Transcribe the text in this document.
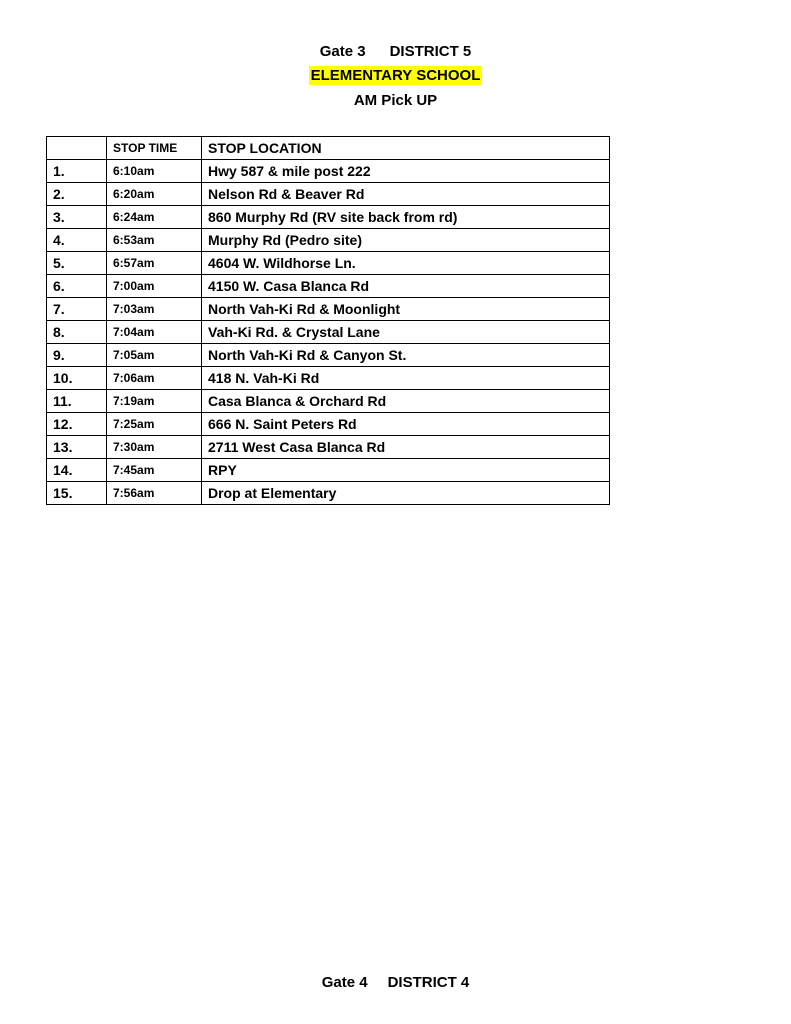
Gate 3 DISTRICT 5
ELEMENTARY SCHOOL
AM Pick UP
	STOP TIME	STOP LOCATION
1.	6:10am	Hwy 587 & mile post 222
2.	6:20am	Nelson Rd & Beaver Rd
3.	6:24am	860 Murphy Rd (RV site back from rd)
4.	6:53am	Murphy Rd (Pedro site)
5.	6:57am	4604 W. Wildhorse Ln.
6.	7:00am	4150 W. Casa Blanca Rd
7.	7:03am	North Vah-Ki Rd & Moonlight
8.	7:04am	Vah-Ki Rd. & Crystal Lane
9.	7:05am	North Vah-Ki Rd & Canyon St.
10.	7:06am	418 N. Vah-Ki Rd
11.	7:19am	Casa Blanca & Orchard Rd
12.	7:25am	666 N. Saint Peters Rd
13.	7:30am	2711 West Casa Blanca Rd
14.	7:45am	RPY
15.	7:56am	Drop at Elementary
Gate 4 DISTRICT 4
